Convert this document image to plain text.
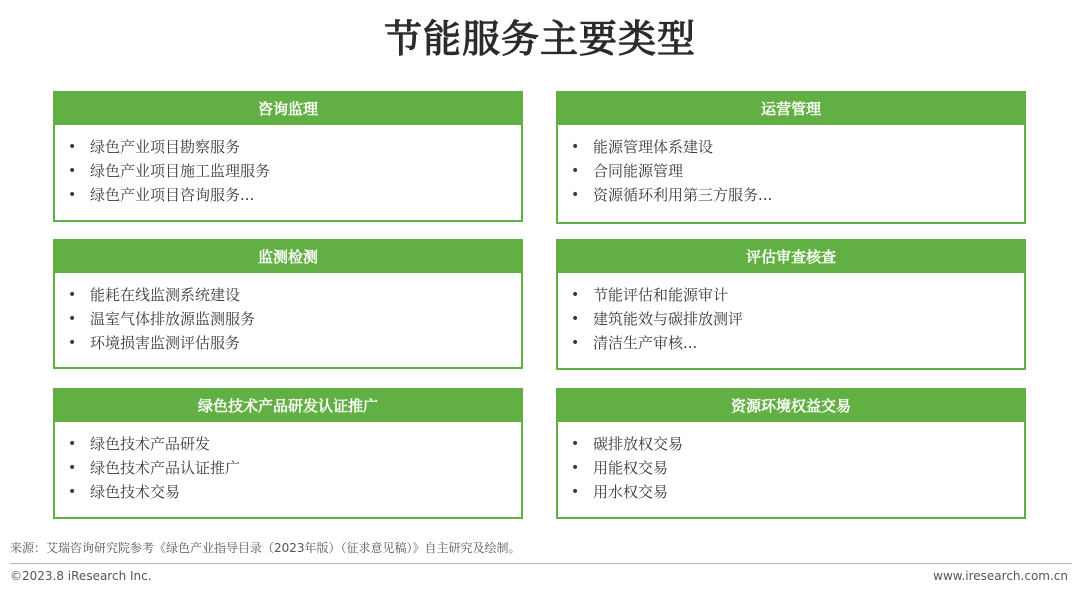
节能服务主要类型
咨询监理
• 绿色产业项目勘察服务
• 绿色产业项目施工监理服务
• 绿色产业项目咨询服务...
运营管理
• 能源管理体系建设
• 合同能源管理
• 资源循环利用第三方服务...
监测检测
• 能耗在线监测系统建设
• 温室气体排放源监测服务
• 环境损害监测评估服务
评估审查核查
• 节能评估和能源审计
• 建筑能效与碳排放测评
• 清洁生产审核...
绿色技术产品研发认证推广
• 绿色技术产品研发
• 绿色技术产品认证推广
• 绿色技术交易
资源环境权益交易
• 碳排放权交易
• 用能权交易
• 用水权交易
来源：艾瑞咨询研究院参考《绿色产业指导目录（2023年版）（征求意见稿）》自主研究及绘制。
©2023.8 iResearch Inc.	www.iresearch.com.cn
